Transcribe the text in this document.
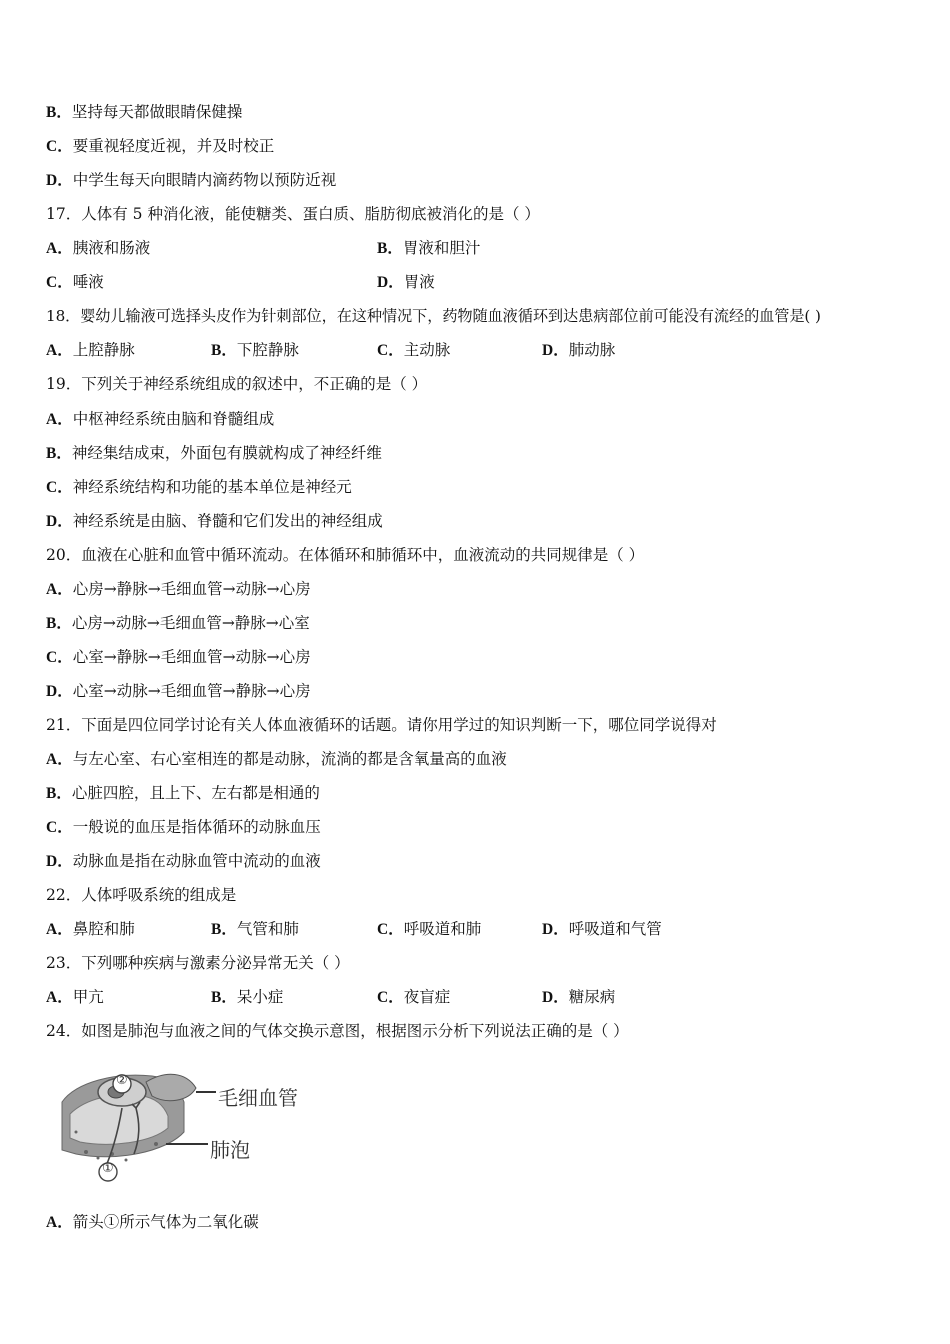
B．坚持每天都做眼睛保健操
C．要重视轻度近视，并及时校正
D．中学生每天向眼睛内滴药物以预防近视
17．人体有 5 种消化液，能使糖类、蛋白质、脂肪彻底被消化的是（ ）
A．胰液和肠液	B．胃液和胆汁
C．唾液	D．胃液
18．婴幼儿输液可选择头皮作为针刺部位，在这种情况下，药物随血液循环到达患病部位前可能没有流经的血管是( )
A．上腔静脉	B．下腔静脉	C．主动脉	D．肺动脉
19．下列关于神经系统组成的叙述中，不正确的是（ ）
A．中枢神经系统由脑和脊髓组成
B．神经集结成束，外面包有膜就构成了神经纤维
C．神经系统结构和功能的基本单位是神经元
D．神经系统是由脑、脊髓和它们发出的神经组成
20．血液在心脏和血管中循环流动。在体循环和肺循环中，血液流动的共同规律是（ ）
A．心房→静脉→毛细血管→动脉→心房
B．心房→动脉→毛细血管→静脉→心室
C．心室→静脉→毛细血管→动脉→心房
D．心室→动脉→毛细血管→静脉→心房
21．下面是四位同学讨论有关人体血液循环的话题。请你用学过的知识判断一下，哪位同学说得对
A．与左心室、右心室相连的都是动脉，流淌的都是含氧量高的血液
B．心脏四腔，且上下、左右都是相通的
C．一般说的血压是指体循环的动脉血压
D．动脉血是指在动脉血管中流动的血液
22．人体呼吸系统的组成是
A．鼻腔和肺	B．气管和肺	C．呼吸道和肺	D．呼吸道和气管
23．下列哪种疾病与激素分泌异常无关（ ）
A．甲亢	B．呆小症	C．夜盲症	D．糖尿病
24．如图是肺泡与血液之间的气体交换示意图，根据图示分析下列说法正确的是（ ）
②
①
毛细血管
肺泡
A．箭头①所示气体为二氧化碳
